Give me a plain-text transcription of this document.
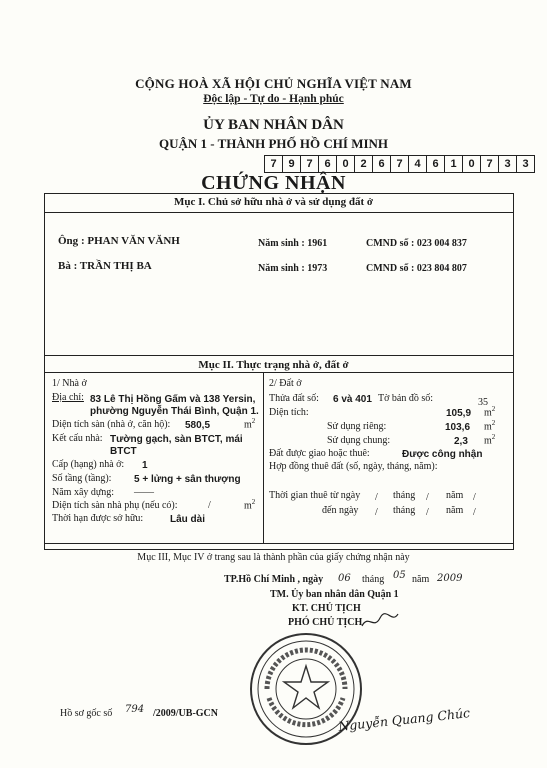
CỘNG HOÀ XÃ HỘI CHỦ NGHĨA VIỆT NAM
Độc lập - Tự do - Hạnh phúc
ỦY BAN NHÂN DÂN
QUẬN 1 - THÀNH PHỐ HỒ CHÍ MINH
7	9	7	6	0	2	6	7	4	6	1	0	7	3	3
CHỨNG NHẬN
Mục I. Chủ sở hữu nhà ở và sử dụng đất ở
Ông : PHAN VĂN VĂNH	Năm sinh : 1961	CMND số : 023 004 837
Bà : TRẦN THỊ BA	Năm sinh : 1973	CMND số : 023 804 807
Mục II. Thực trạng nhà ở, đất ở
1/ Nhà ở
Địa chỉ: 83 Lê Thị Hồng Gấm và 138 Yersin,
phường Nguyễn Thái Bình, Quận 1.
Diện tích sàn (nhà ở, căn hộ): 580,5	$m^2$
Kết cấu nhà: Tường gạch, sàn BTCT, mái
BTCT
Cấp (hạng) nhà ở: 1
Số tầng (tầng): 5 + lửng + sân thượng
Năm xây dựng: ——
Diện tích sàn nhà phụ (nếu có):	/	$m^2$
Thời hạn được sở hữu:	Lâu dài
2/ Đất ở
Thửa đất số: 6 và 401 Tờ bản đồ số:	35
Diện tích:	105,9 $m^2$
Sử dụng riêng:	103,6 $m^2$
Sử dụng chung:	2,3 $m^2$
Đất được giao hoặc thuê:	Được công nhận
Hợp đồng thuê đất (số, ngày, tháng, năm):
Thời gian thuê từ ngày / tháng / năm /
đến ngày / tháng / năm /
Mục III, Mục IV ở trang sau là thành phần của giấy chứng nhận này
TP.Hồ Chí Minh , ngày 06 tháng 05 năm 2009
TM. Ủy ban nhân dân Quận 1
KT. CHỦ TỊCH
PHÓ CHỦ TỊCH
Hồ sơ gốc số 794 /2009/UB-GCN	Nguyễn Quang Chúc
